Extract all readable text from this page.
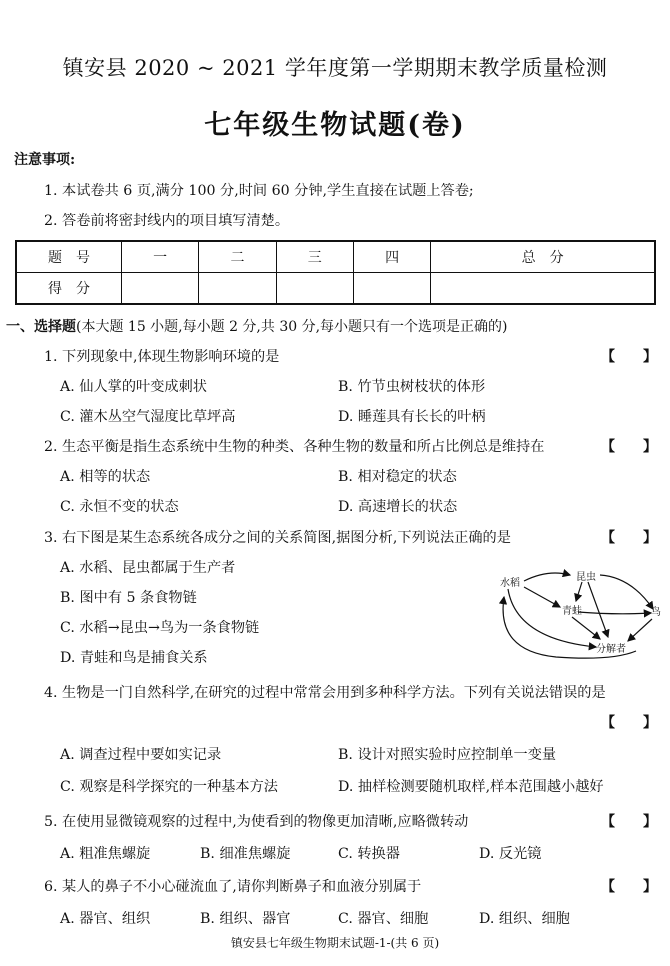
镇安县 2020 ~ 2021 学年度第一学期期末教学质量检测
七年级生物试题(卷)
注意事项:
1. 本试卷共 6 页,满分 100 分,时间 60 分钟,学生直接在试题上答卷;
2. 答卷前将密封线内的项目填写清楚。
题　号	一	二	三	四	总　分
得　分					
一、选择题(本大题 15 小题,每小题 2 分,共 30 分,每小题只有一个选项是正确的)
1. 下列现象中,体现生物影响环境的是	【　　】
A. 仙人掌的叶变成刺状	B. 竹节虫树枝状的体形
C. 灌木丛空气湿度比草坪高	D. 睡莲具有长长的叶柄
2. 生态平衡是指生态系统中生物的种类、各种生物的数量和所占比例总是维持在	【　　】
A. 相等的状态	B. 相对稳定的状态
C. 永恒不变的状态	D. 高速增长的状态
3. 右下图是某生态系统各成分之间的关系简图,据图分析,下列说法正确的是	【　　】
A. 水稻、昆虫都属于生产者
B. 图中有 5 条食物链
C. 水稻→昆虫→鸟为一条食物链
D. 青蛙和鸟是捕食关系
水稻
昆虫
青蛙	鸟
分解者
4. 生物是一门自然科学,在研究的过程中常常会用到多种科学方法。下列有关说法错误的是
【　　】
A. 调查过程中要如实记录	B. 设计对照实验时应控制单一变量
C. 观察是科学探究的一种基本方法	D. 抽样检测要随机取样,样本范围越小越好
5. 在使用显微镜观察的过程中,为使看到的物像更加清晰,应略微转动	【　　】
A. 粗准焦螺旋	B. 细准焦螺旋	C. 转换器	D. 反光镜
6. 某人的鼻子不小心碰流血了,请你判断鼻子和血液分别属于	【　　】
A. 器官、组织	B. 组织、器官	C. 器官、细胞	D. 组织、细胞
镇安县七年级生物期末试题-1-(共 6 页)
